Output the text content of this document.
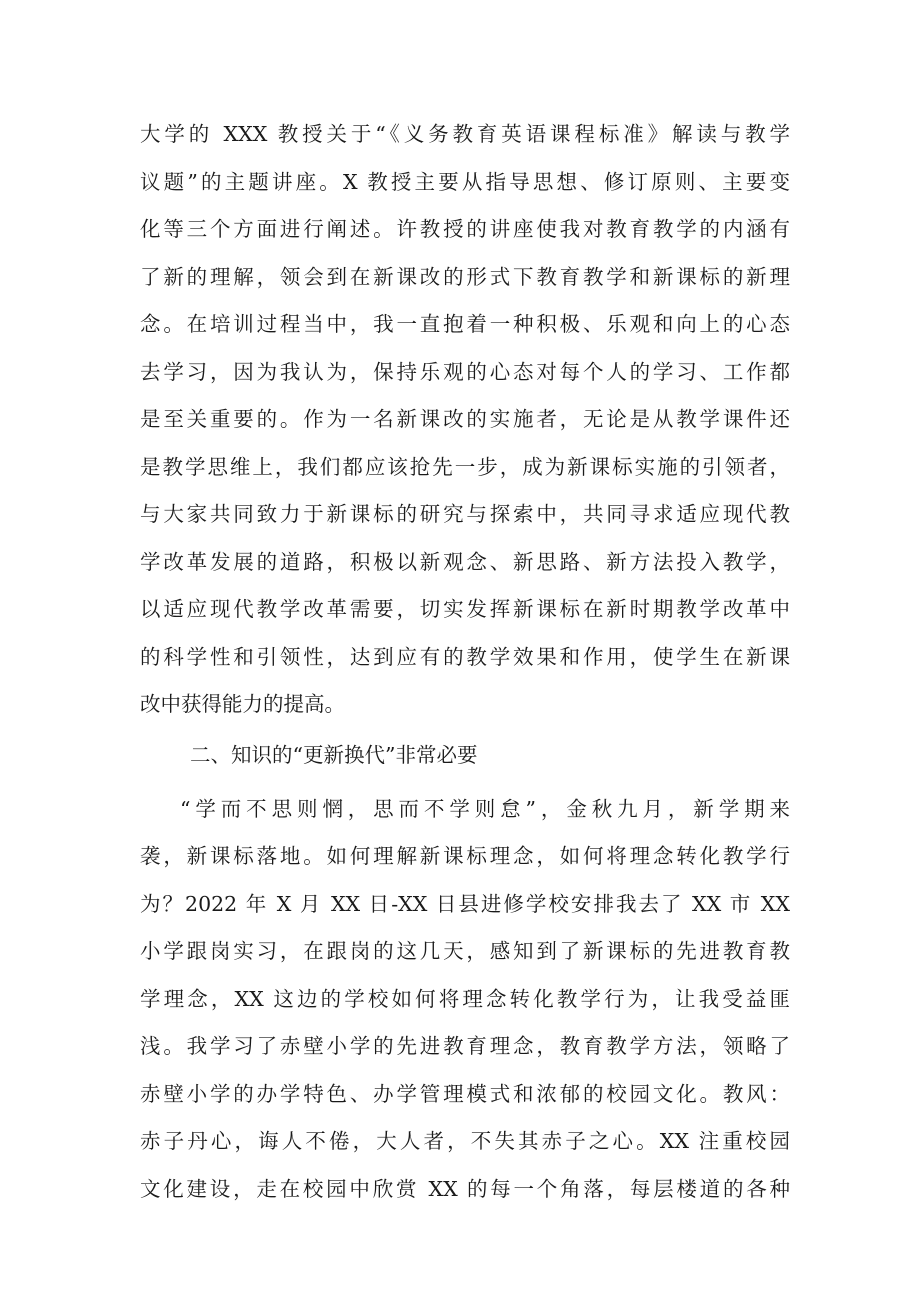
大学的 XXX 教授关于“《义务教育英语课程标准》解读与教学
议题”的主题讲座。X 教授主要从指导思想、修订原则、主要变
化等三个方面进行阐述。许教授的讲座使我对教育教学的内涵有
了新的理解，领会到在新课改的形式下教育教学和新课标的新理
念。在培训过程当中，我一直抱着一种积极、乐观和向上的心态
去学习，因为我认为，保持乐观的心态对每个人的学习、工作都
是至关重要的。作为一名新课改的实施者，无论是从教学课件还
是教学思维上，我们都应该抢先一步，成为新课标实施的引领者，
与大家共同致力于新课标的研究与探索中，共同寻求适应现代教
学改革发展的道路，积极以新观念、新思路、新方法投入教学，
以适应现代教学改革需要，切实发挥新课标在新时期教学改革中
的科学性和引领性，达到应有的教学效果和作用，使学生在新课
改中获得能力的提高。
二、知识的“更新换代”非常必要
“学而不思则惘，思而不学则怠”，金秋九月，新学期来
袭，新课标落地。如何理解新课标理念，如何将理念转化教学行
为？2022 年 X 月 XX 日-XX 日县进修学校安排我去了 XX 市 XX
小学跟岗实习，在跟岗的这几天，感知到了新课标的先进教育教
学理念，XX 这边的学校如何将理念转化教学行为，让我受益匪
浅。我学习了赤壁小学的先进教育理念，教育教学方法，领略了
赤壁小学的办学特色、办学管理模式和浓郁的校园文化。教风：
赤子丹心，诲人不倦，大人者，不失其赤子之心。XX 注重校园
文化建设，走在校园中欣赏 XX 的每一个角落，每层楼道的各种
